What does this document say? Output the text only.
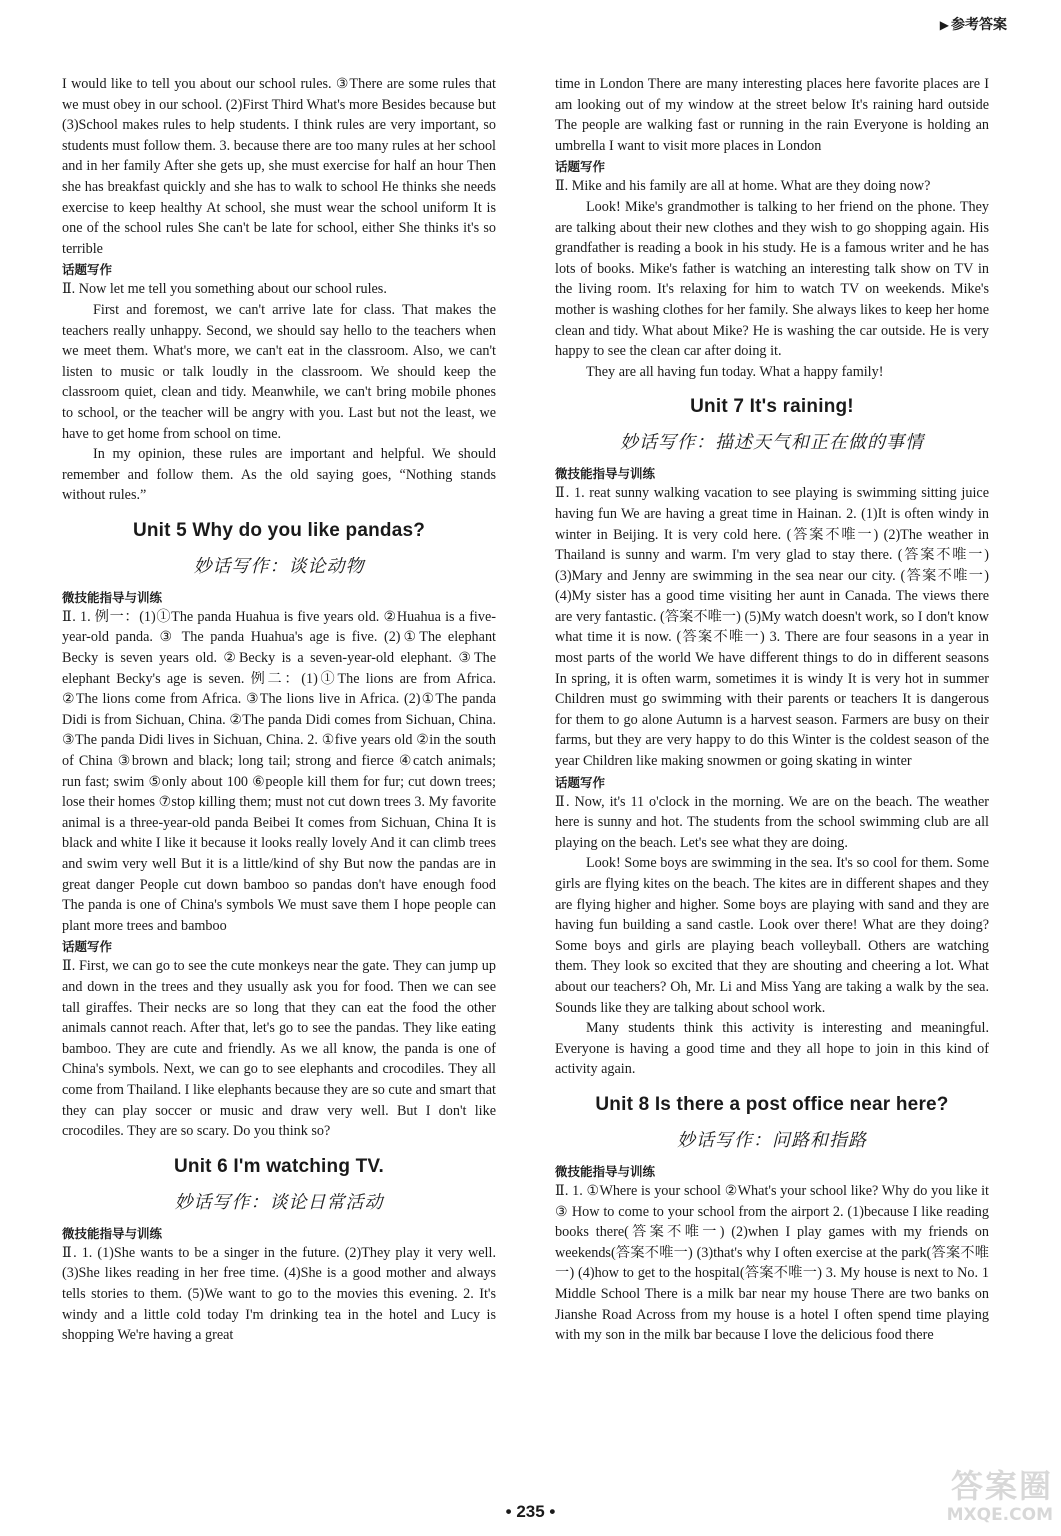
▶ 参考答案

I would like to tell you about our school rules. ③There are some rules that we must obey in our school. (2)First Third What's more Besides because but (3)School makes rules to help students. I think rules are very important, so students must follow them. 3. because there are too many rules at her school and in her family After she gets up, she must exercise for half an hour Then she has breakfast quickly and she has to walk to school He thinks she needs exercise to keep healthy At school, she must wear the school uniform It is one of the school rules She can't be late for school, either She thinks it's so terrible

话题写作

Ⅱ. Now let me tell you something about our school rules.

First and foremost, we can't arrive late for class. That makes the teachers really unhappy. Second, we should say hello to the teachers when we meet them. What's more, we can't eat in the classroom. Also, we can't listen to music or talk loudly in the classroom. We should keep the classroom quiet, clean and tidy. Meanwhile, we can't bring mobile phones to school, or the teacher will be angry with you. Last but not the least, we have to get home from school on time.

In my opinion, these rules are important and helpful. We should remember and follow them. As the old saying goes, “Nothing stands without rules.”

Unit 5 Why do you like pandas?
妙话写作：谈论动物
微技能指导与训练

Ⅱ. 1. 例一：(1)①The panda Huahua is five years old. ②Huahua is a five-year-old panda. ③ The panda Huahua's age is five. (2)①The elephant Becky is seven years old. ②Becky is a seven-year-old elephant. ③The elephant Becky's age is seven. 例二：(1)①The lions are from Africa. ②The lions come from Africa. ③The lions live in Africa. (2)①The panda Didi is from Sichuan, China. ②The panda Didi comes from Sichuan, China. ③The panda Didi lives in Sichuan, China. 2. ①five years old ②in the south of China ③brown and black; long tail; strong and fierce ④catch animals; run fast; swim ⑤only about 100 ⑥people kill them for fur; cut down trees; lose their homes ⑦stop killing them; must not cut down trees 3. My favorite animal is a three-year-old panda Beibei It comes from Sichuan, China It is black and white I like it because it looks really lovely And it can climb trees and swim very well But it is a little/kind of shy But now the pandas are in great danger People cut down bamboo so pandas don't have enough food The panda is one of China's symbols We must save them I hope people can plant more trees and bamboo

话题写作

Ⅱ. First, we can go to see the cute monkeys near the gate. They can jump up and down in the trees and they usually ask you for food. Then we can see tall giraffes. Their necks are so long that they can eat the food the other animals cannot reach. After that, let's go to see the pandas. They like eating bamboo. They are cute and friendly. As we all know, the panda is one of China's symbols. Next, we can go to see elephants and crocodiles. They all come from Thailand. I like elephants because they are so cute and smart that they can play soccer or music and draw very well. But I don't like crocodiles. They are so scary. Do you think so?

Unit 6 I'm watching TV.
妙话写作：谈论日常活动
微技能指导与训练

Ⅱ. 1. (1)She wants to be a singer in the future. (2)They play it very well. (3)She likes reading in her free time. (4)She is a good mother and always tells stories to them. (5)We want to go to the movies this evening. 2. It's windy and a little cold today I'm drinking tea in the hotel and Lucy is shopping We're having a great

time in London There are many interesting places here favorite places are I am looking out of my window at the street below It's raining hard outside The people are walking fast or running in the rain Everyone is holding an umbrella I want to visit more places in London

话题写作

Ⅱ. Mike and his family are all at home. What are they doing now?

Look! Mike's grandmother is talking to her friend on the phone. They are talking about their new clothes and they wish to go shopping again. His grandfather is reading a book in his study. He is a famous writer and he has lots of books. Mike's father is watching an interesting talk show on TV in the living room. It's relaxing for him to watch TV on weekends. Mike's mother is washing clothes for her family. She always likes to keep her home clean and tidy. What about Mike? He is washing the car outside. He is very happy to see the clean car after doing it.

They are all having fun today. What a happy family!

Unit 7 It's raining!
妙话写作：描述天气和正在做的事情
微技能指导与训练

Ⅱ. 1. reat sunny walking vacation to see playing is swimming sitting juice having fun We are having a great time in Hainan. 2. (1)It is often windy in winter in Beijing. It is very cold here. (答案不唯一) (2)The weather in Thailand is sunny and warm. I'm very glad to stay there. (答案不唯一) (3)Mary and Jenny are swimming in the sea near our city. (答案不唯一) (4)My sister has a good time visiting her aunt in Canada. The views there are very fantastic. (答案不唯一) (5)My watch doesn't work, so I don't know what time it is now. (答案不唯一) 3. There are four seasons in a year in most parts of the world We have different things to do in different seasons In spring, it is often warm, sometimes it is windy It is very hot in summer Children must go swimming with their parents or teachers It is dangerous for them to go alone Autumn is a harvest season. Farmers are busy on their farms, but they are very happy to do this Winter is the coldest season of the year Children like making snowmen or going skating in winter

话题写作

Ⅱ. Now, it's 11 o'clock in the morning. We are on the beach. The weather here is sunny and hot. The students from the school swimming club are all playing on the beach. Let's see what they are doing.

Look! Some boys are swimming in the sea. It's so cool for them. Some girls are flying kites on the beach. The kites are in different shapes and they are flying higher and higher. Some boys are playing with sand and they are having fun building a sand castle. Look over there! What are they doing? Some boys and girls are playing beach volleyball. Others are watching them. They look so excited that they are shouting and cheering a lot. What about our teachers? Oh, Mr. Li and Miss Yang are taking a walk by the sea. Sounds like they are talking about school work.

Many students think this activity is interesting and meaningful. Everyone is having a good time and they all hope to join in this kind of activity again.

Unit 8 Is there a post office near here?
妙话写作：问路和指路
微技能指导与训练

Ⅱ. 1. ①Where is your school ②What's your school like? Why do you like it ③ How to come to your school from the airport 2. (1)because I like reading books there(答案不唯一) (2)when I play games with my friends on weekends(答案不唯一) (3)that's why I often exercise at the park(答案不唯一) (4)how to get to the hospital(答案不唯一) 3. My house is next to No. 1 Middle School There is a milk bar near my house There are two banks on Jianshe Road Across from my house is a hotel I often spend time playing with my son in the milk bar because I love the delicious food there

• 235 •
答案圈
MXQE.COM
